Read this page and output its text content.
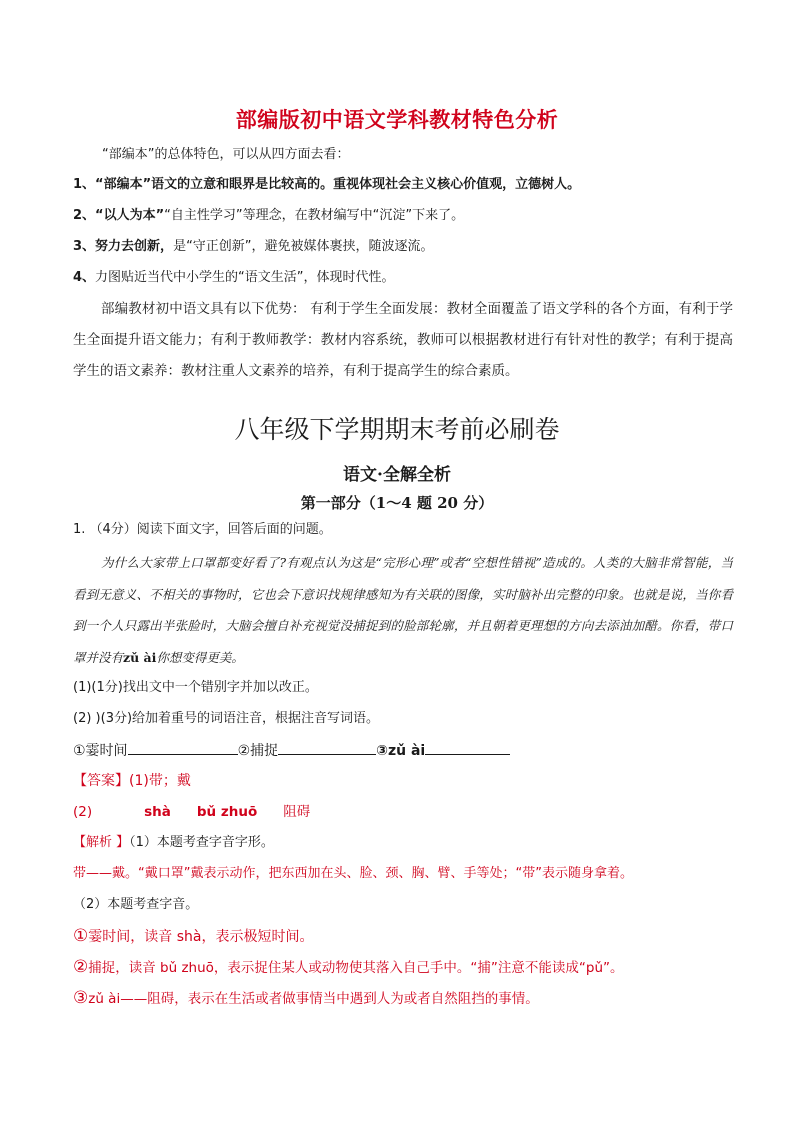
部编版初中语文学科教材特色分析
“部编本”的总体特色，可以从四方面去看：
1、“部编本”语文的立意和眼界是比较高的。重视体现社会主义核心价值观，立德树人。
2、“以人为本”“自主性学习”等理念，在教材编写中“沉淀”下来了。
3、努力去创新，是“守正创新”，避免被媒体裹挟，随波逐流。
4、力图贴近当代中小学生的“语文生活”，体现时代性。

部编教材初中语文具有以下优势： 有利于学生全面发展：教材全面覆盖了语文学科的各个方面，有利于学生全面提升语文能力；有利于教师教学：教材内容系统，教师可以根据教材进行有针对性的教学；有利于提高学生的语文素养：教材注重人文素养的培养，有利于提高学生的综合素质。

八年级下学期期末考前必刷卷
语文·全解全析
第一部分（1～4 题 20 分）
1. （4分）阅读下面文字，回答后面的问题。

为什么大家带上口罩都变好看了?有观点认为这是“完形心理”或者“空想性错视”造成的。人类的大脑非常智能，当看到无意义、不相关的事物时，它也会下意识找规律感知为有关联的图像，实时脑补出完整的印象。也就是说，当你看到一个人只露出半张脸时，大脑会擅自补充视觉没捕捉到的脸部轮廓，并且朝着更理想的方向去添油加醋。你看，带口罩并没有zǔ ài你想变得更美。

(1)(1分)找出文中一个错别字并加以改正。
(2) )(3分)给加着重号的词语注音，根据注音写词语。
①霎时间	②捕捉	③zǔ ài
【答案】(1)带；戴
(2)	shà bǔ zhuō 阻碍
【解析 】（1）本题考查字音字形。
带——戴。“戴口罩”戴表示动作，把东西加在头、脸、颈、胸、臂、手等处；“带”表示随身拿着。
（2）本题考查字音。
①霎时间，读音 shà，表示极短时间。
②捕捉，读音 bǔ zhuō，表示捉住某人或动物使其落入自己手中。“捕”注意不能读成“pǔ”。
③zǔ ài——阻碍，表示在生活或者做事情当中遇到人为或者自然阻挡的事情。
